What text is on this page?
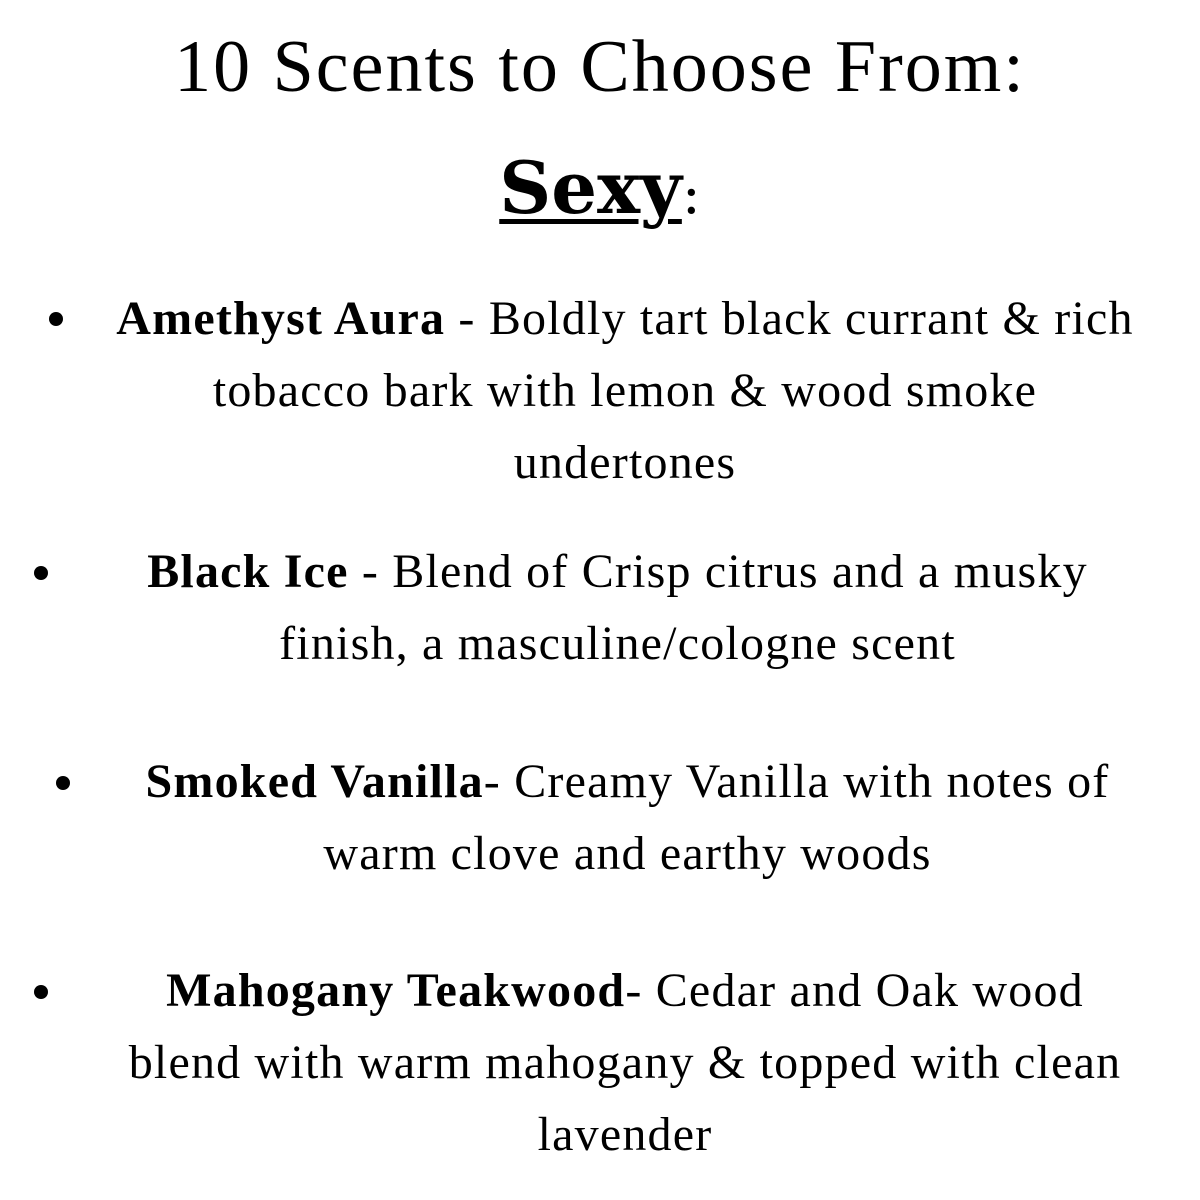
10 Scents to Choose From:
Sexy:
Amethyst Aura - Boldly tart black currant & rich tobacco bark with lemon & wood smoke undertones
Black Ice - Blend of Crisp citrus and a musky finish, a masculine/cologne scent
Smoked Vanilla- Creamy Vanilla with notes of warm clove and earthy woods
Mahogany Teakwood- Cedar and Oak wood blend with warm mahogany & topped with clean lavender
